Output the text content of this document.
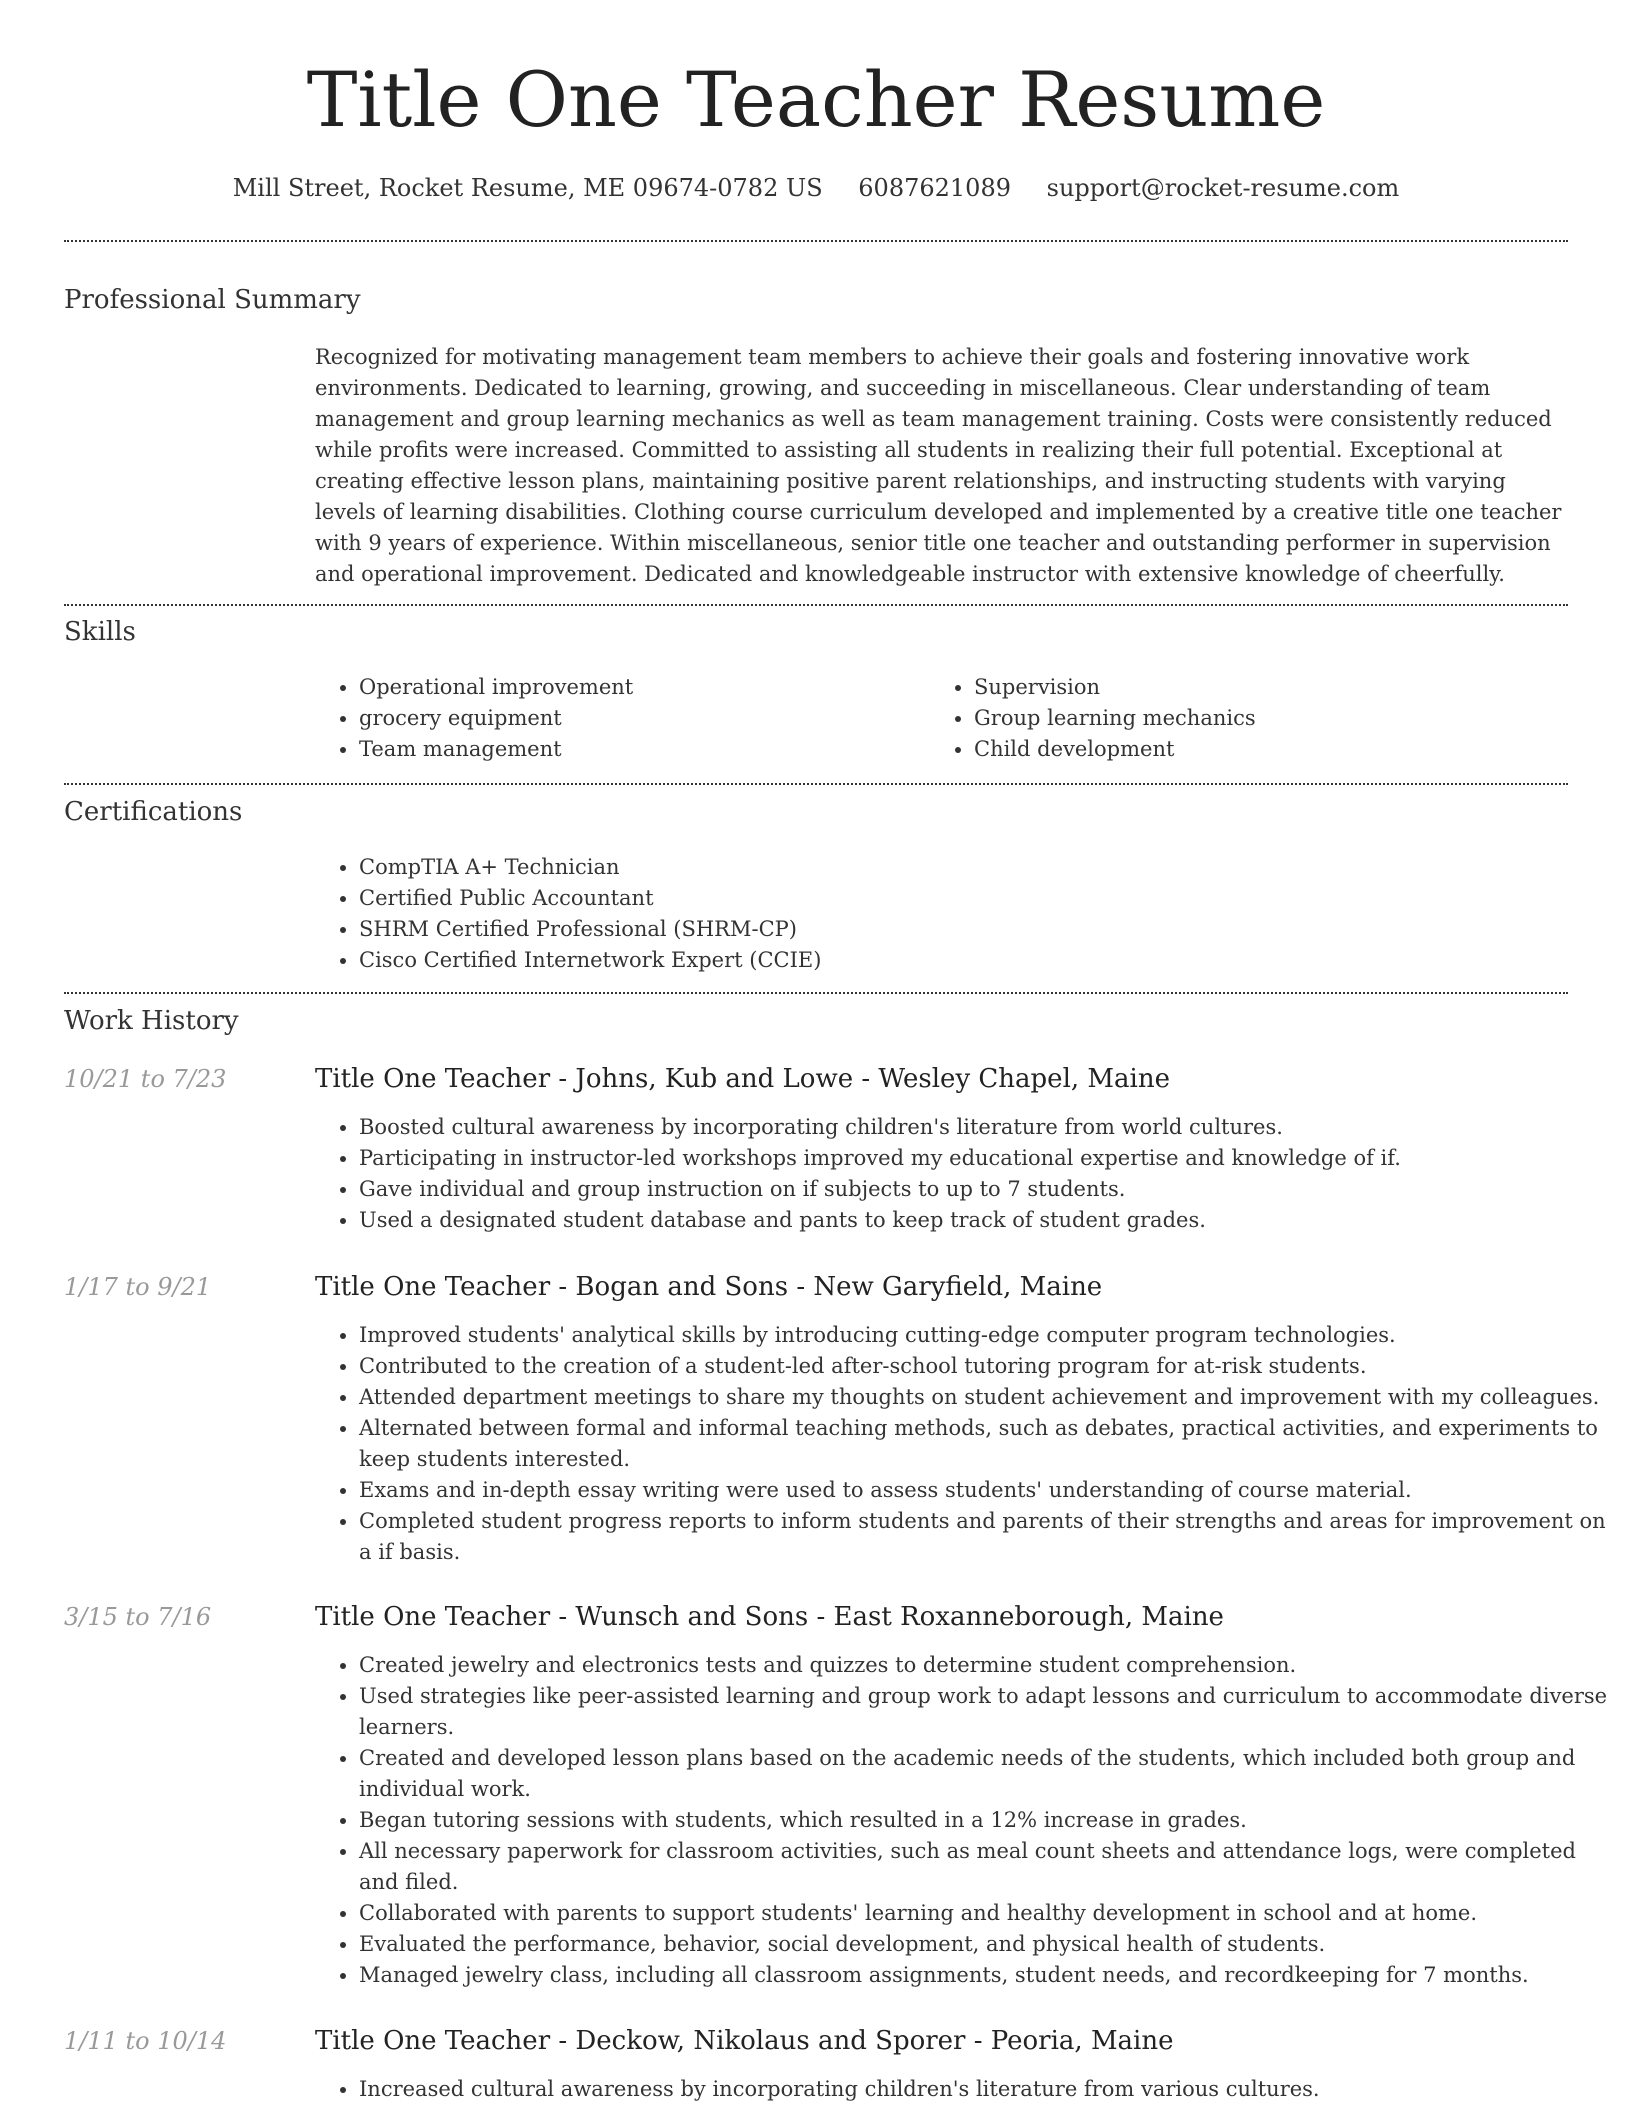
Title One Teacher Resume
Mill Street, Rocket Resume, ME 09674-0782 US 6087621089 support@rocket-resume.com
Professional Summary

Recognized for motivating management team members to achieve their goals and fostering innovative work environments. Dedicated to learning, growing, and succeeding in miscellaneous. Clear understanding of team management and group learning mechanics as well as team management training. Costs were consistently reduced while profits were increased. Committed to assisting all students in realizing their full potential. Exceptional at creating effective lesson plans, maintaining positive parent relationships, and instructing students with varying levels of learning disabilities. Clothing course curriculum developed and implemented by a creative title one teacher with 9 years of experience. Within miscellaneous, senior title one teacher and outstanding performer in supervision and operational improvement. Dedicated and knowledgeable instructor with extensive knowledge of cheerfully.

Skills
• Operational improvement
• grocery equipment
• Team management
• Supervision
• Group learning mechanics
• Child development
Certifications
• CompTIA A+ Technician
• Certified Public Accountant
• SHRM Certified Professional (SHRM-CP)
• Cisco Certified Internetwork Expert (CCIE)
Work History
10/21 to 7/23	Title One Teacher - Johns, Kub and Lowe - Wesley Chapel, Maine
• Boosted cultural awareness by incorporating children's literature from world cultures.
• Participating in instructor-led workshops improved my educational expertise and knowledge of if.
• Gave individual and group instruction on if subjects to up to 7 students.
• Used a designated student database and pants to keep track of student grades.
1/17 to 9/21	Title One Teacher - Bogan and Sons - New Garyfield, Maine
• Improved students' analytical skills by introducing cutting-edge computer program technologies.
• Contributed to the creation of a student-led after-school tutoring program for at-risk students.
• Attended department meetings to share my thoughts on student achievement and improvement with my colleagues.
• Alternated between formal and informal teaching methods, such as debates, practical activities, and experiments to keep students interested.
• Exams and in-depth essay writing were used to assess students' understanding of course material.
• Completed student progress reports to inform students and parents of their strengths and areas for improvement on a if basis.
3/15 to 7/16	Title One Teacher - Wunsch and Sons - East Roxanneborough, Maine
• Created jewelry and electronics tests and quizzes to determine student comprehension.
• Used strategies like peer-assisted learning and group work to adapt lessons and curriculum to accommodate diverse learners.
• Created and developed lesson plans based on the academic needs of the students, which included both group and individual work.
• Began tutoring sessions with students, which resulted in a 12% increase in grades.
• All necessary paperwork for classroom activities, such as meal count sheets and attendance logs, were completed and filed.
• Collaborated with parents to support students' learning and healthy development in school and at home.
• Evaluated the performance, behavior, social development, and physical health of students.
• Managed jewelry class, including all classroom assignments, student needs, and recordkeeping for 7 months.
1/11 to 10/14	Title One Teacher - Deckow, Nikolaus and Sporer - Peoria, Maine
• Increased cultural awareness by incorporating children's literature from various cultures.
